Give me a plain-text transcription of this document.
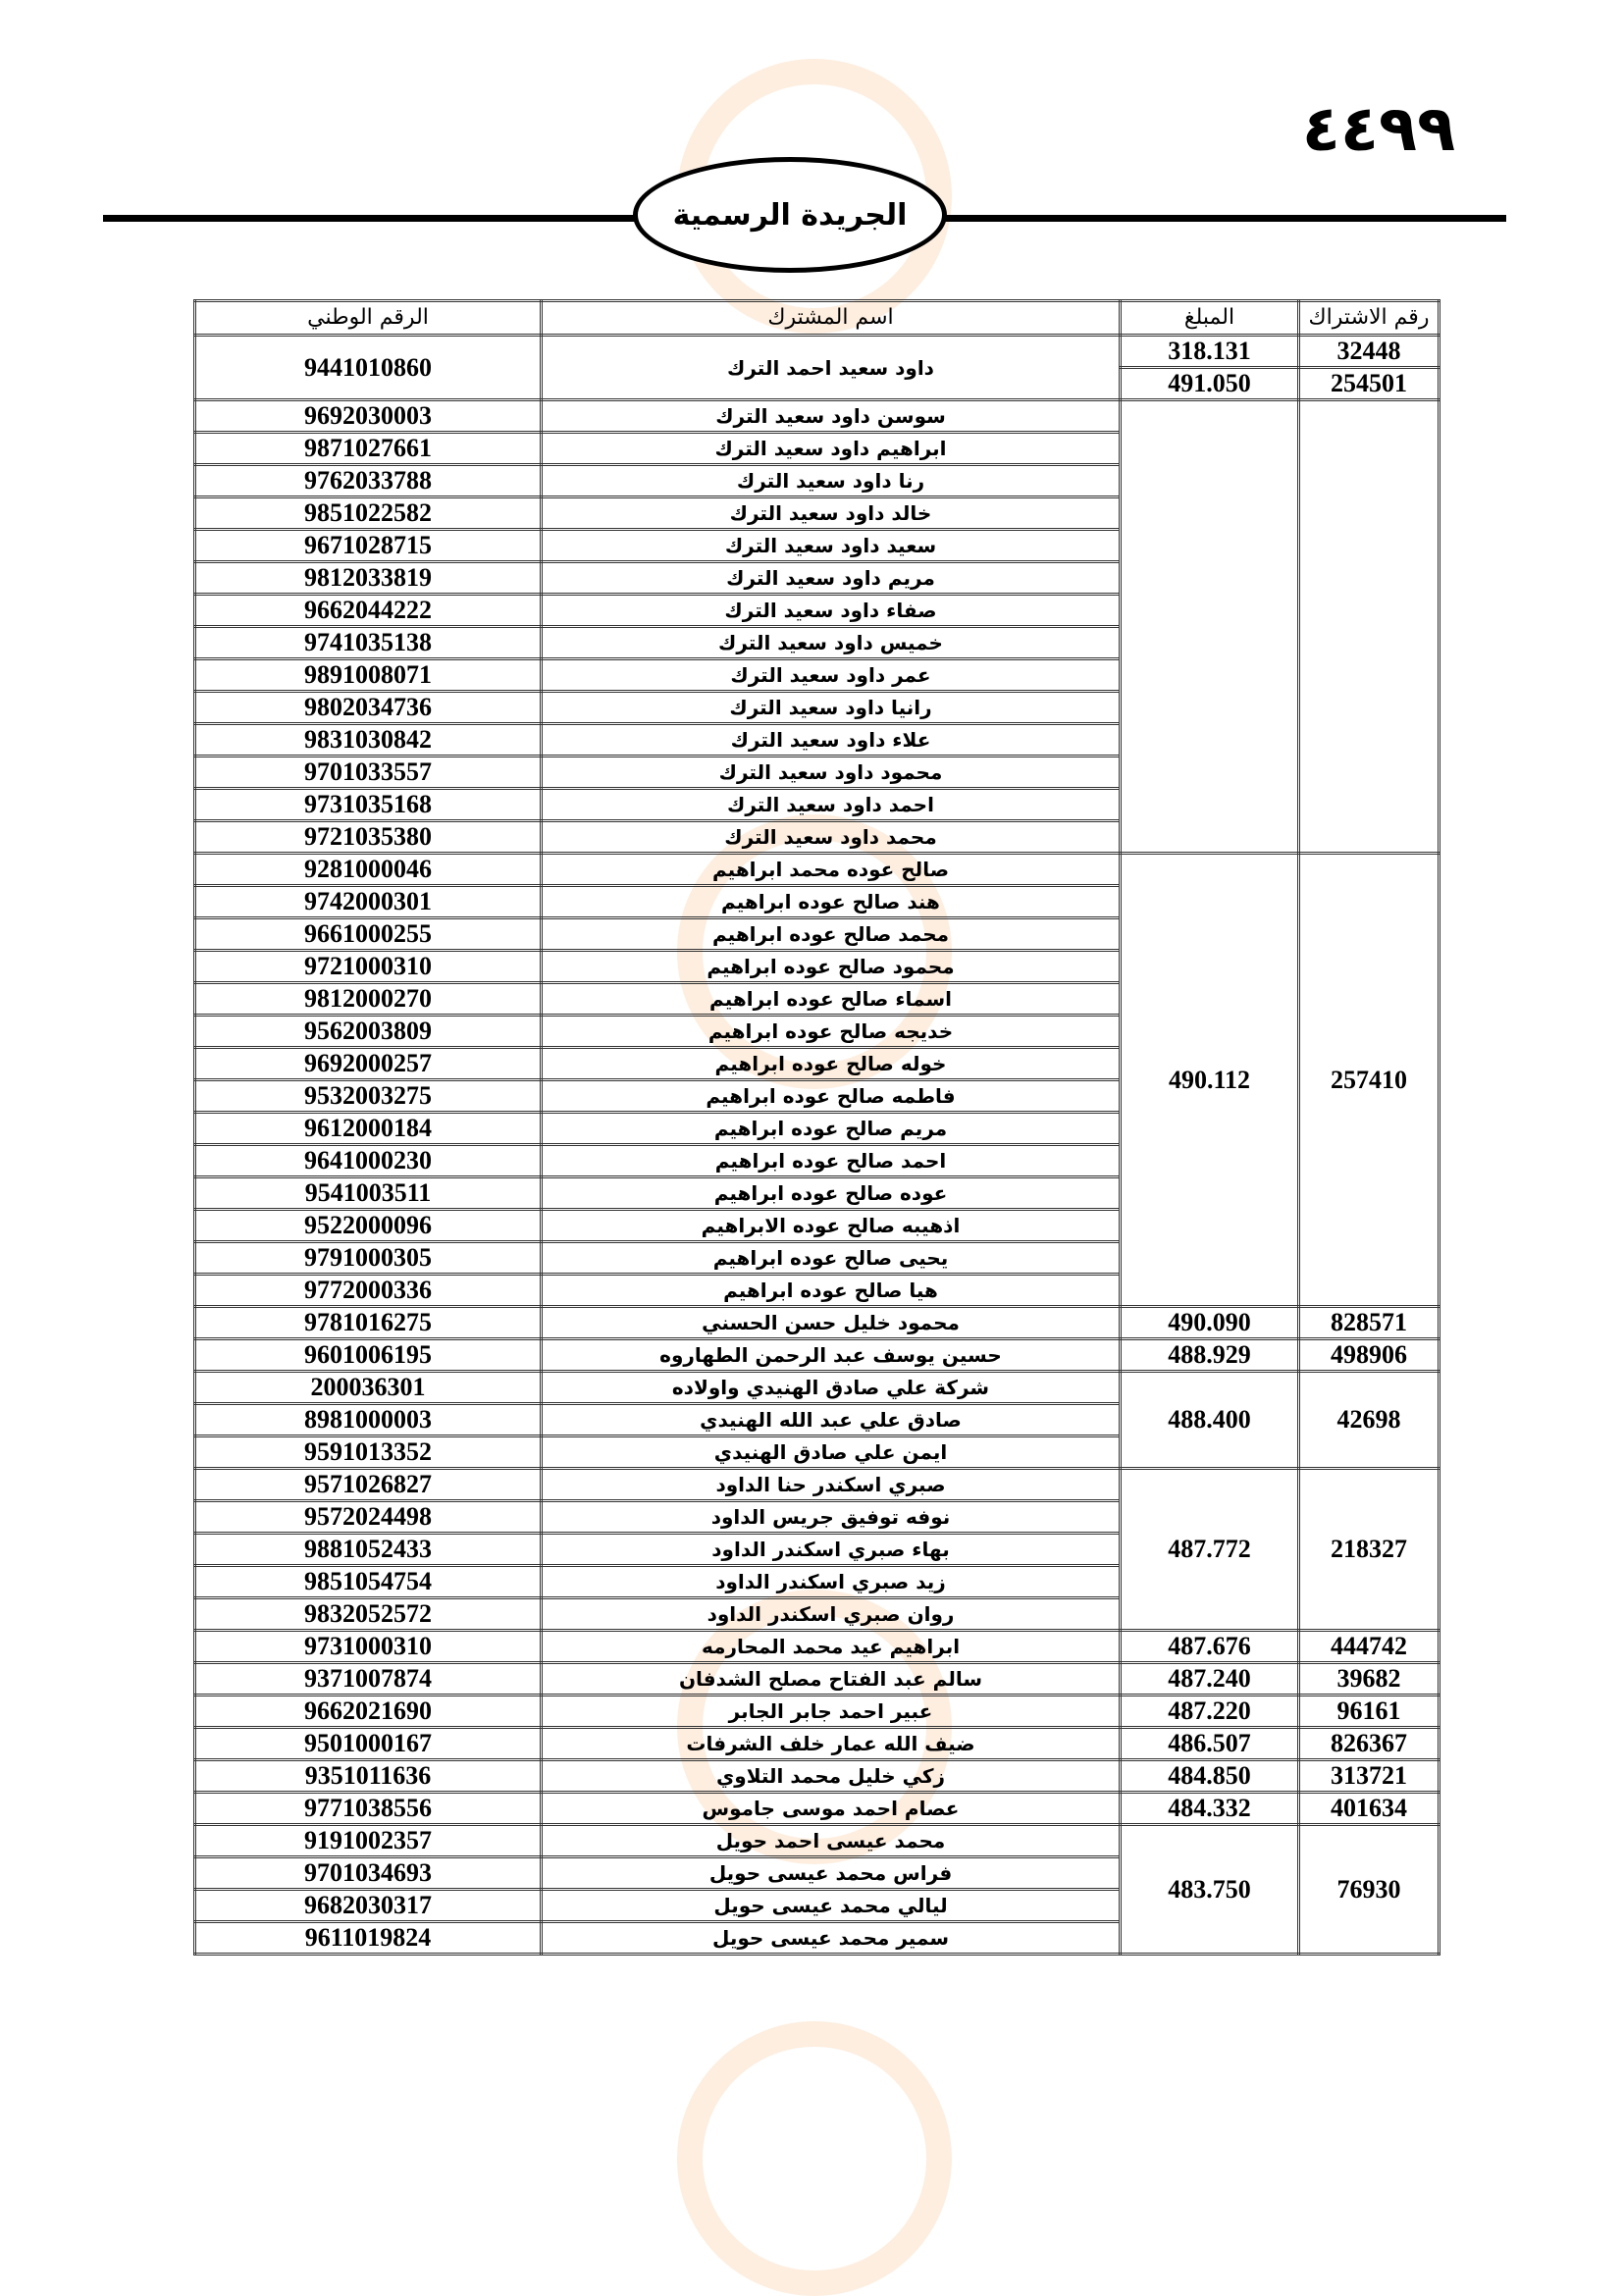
٤٤٩٩
الجريدة الرسمية
رقم الاشتراك	المبلغ	اسم المشترك	الرقم الوطني
32448	318.131	داود سعيد احمد الترك	9441010860
254501	491.050		
		سوسن داود سعيد الترك	9692030003
		ابراهيم داود سعيد الترك	9871027661
		رنا داود سعيد الترك	9762033788
		خالد داود سعيد الترك	9851022582
		سعيد داود سعيد الترك	9671028715
		مريم داود سعيد الترك	9812033819
		صفاء داود سعيد الترك	9662044222
		خميس داود سعيد الترك	9741035138
		عمر داود سعيد الترك	9891008071
		رانيا داود سعيد الترك	9802034736
		علاء داود سعيد الترك	9831030842
		محمود داود سعيد الترك	9701033557
		احمد داود سعيد الترك	9731035168
		محمد داود سعيد الترك	9721035380
257410	490.112	صالح عوده محمد ابراهيم	9281000046
		هند صالح عوده ابراهيم	9742000301
		محمد صالح عوده ابراهيم	9661000255
		محمود صالح عوده ابراهيم	9721000310
		اسماء صالح عوده ابراهيم	9812000270
		خديجه صالح عوده ابراهيم	9562003809
		خوله صالح عوده ابراهيم	9692000257
		فاطمه صالح عوده ابراهيم	9532003275
		مريم صالح عوده ابراهيم	9612000184
		احمد صالح عوده ابراهيم	9641000230
		عوده صالح عوده ابراهيم	9541003511
		اذهيبه صالح عوده الابراهيم	9522000096
		يحيى صالح عوده ابراهيم	9791000305
		هيا صالح عوده ابراهيم	9772000336
828571	490.090	محمود خليل حسن الحسني	9781016275
498906	488.929	حسين يوسف عبد الرحمن الطهاروه	9601006195
42698	488.400	شركة علي صادق الهنيدي واولاده	200036301
		صادق علي عبد الله الهنيدي	8981000003
		ايمن علي صادق الهنيدي	9591013352
218327	487.772	صبري اسكندر حنا الداود	9571026827
		نوفه توفيق جريس الداود	9572024498
		بهاء صبري اسكندر الداود	9881052433
		زيد صبري اسكندر الداود	9851054754
		روان صبري اسكندر الداود	9832052572
444742	487.676	ابراهيم عيد محمد المحارمه	9731000310
39682	487.240	سالم عبد الفتاح مصلح الشدفان	9371007874
96161	487.220	عبير احمد جابر الجابر	9662021690
826367	486.507	ضيف الله عمار خلف الشرفات	9501000167
313721	484.850	زكي خليل محمد التلاوي	9351011636
401634	484.332	عصام احمد موسى جاموس	9771038556
76930	483.750	محمد عيسى احمد حويل	9191002357
		فراس محمد عيسى حويل	9701034693
		ليالي محمد عيسى حويل	9682030317
		سمير محمد عيسى حويل	9611019824
